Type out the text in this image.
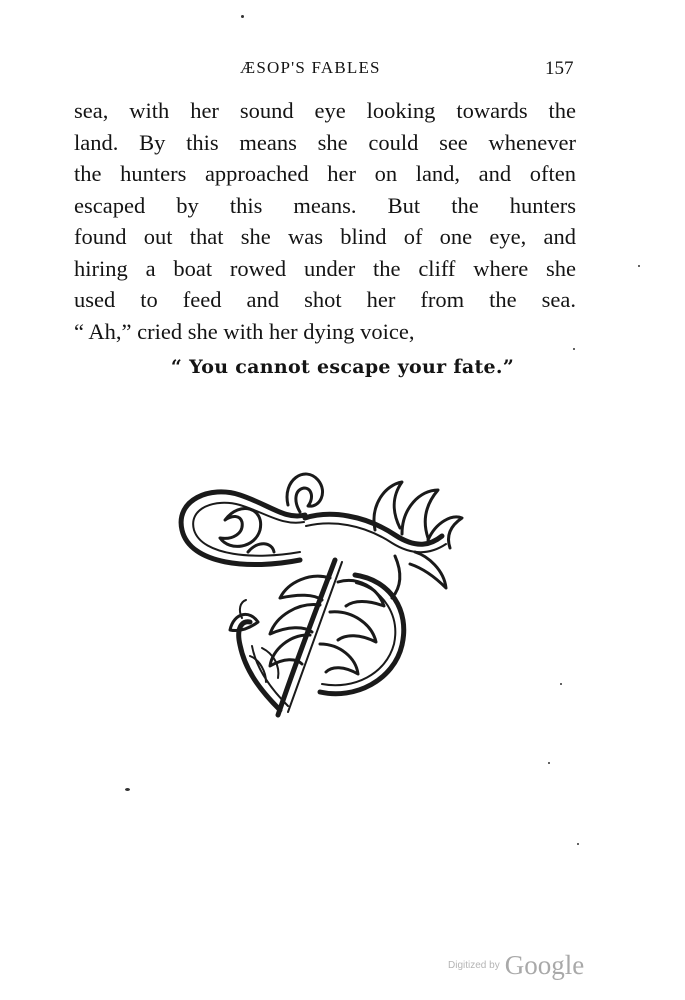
ÆSOP'S FABLES	157
sea, with her sound eye looking towards the
land. By this means she could see whenever
the hunters approached her on land, and often
escaped by this means. But the hunters
found out that she was blind of one eye, and
hiring a boat rowed under the cliff where she
used to feed and shot her from the sea.
“ Ah,” cried she with her dying voice,
“ You cannot escape your fate.”
Digitized by Google
